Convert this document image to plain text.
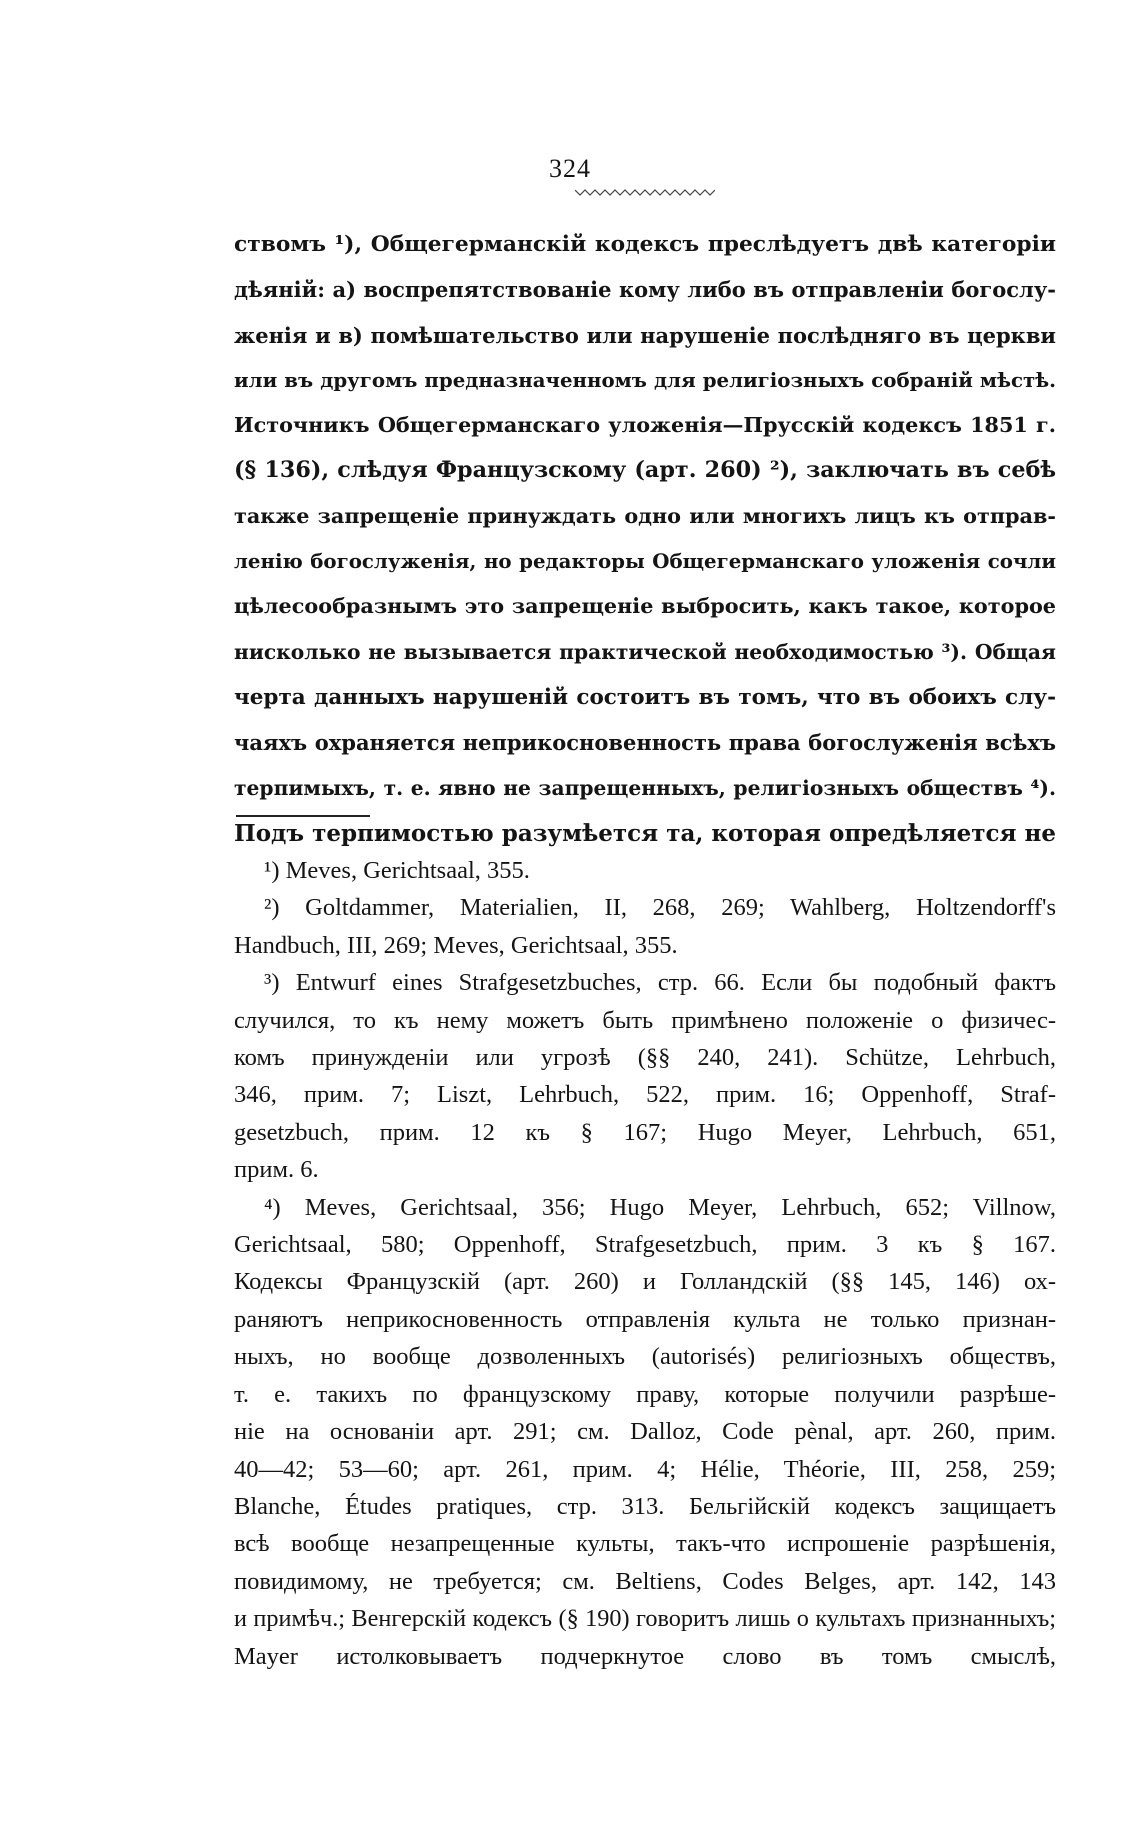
324
ствомъ ¹), Общегерманскій кодексъ преслѣдуетъ двѣ категоріи
дѣяній: а) воспрепятствованіе кому либо въ отправленіи богослу-
женія и в) помѣшательство или нарушеніе послѣдняго въ церкви
или въ другомъ предназначенномъ для религіозныхъ собраній мѣстѣ.
Источникъ Общегерманскаго уложенія—Прусскій кодексъ 1851 г.
(§ 136), слѣдуя Французскому (арт. 260) ²), заключать въ себѣ
также запрещеніе принуждать одно или многихъ лицъ къ отправ-
ленію богослуженія, но редакторы Общегерманскаго уложенія сочли
цѣлесообразнымъ это запрещеніе выбросить, какъ такое, которое
нисколько не вызывается практической необходимостью ³). Общая
черта данныхъ нарушеній состоитъ въ томъ, что въ обоихъ слу-
чаяхъ охраняется неприкосновенность права богослуженія всѣхъ
терпимыхъ, т. е. явно не запрещенныхъ, религіозныхъ обществъ ⁴).
Подъ терпимостью разумѣется та, которая опредѣляется не
¹) Meves, Gerichtsaal, 355.
²) Goltdammer, Materialien, II, 268, 269; Wahlberg, Holtzendorff's
Handbuch, III, 269; Meves, Gerichtsaal, 355.
³) Entwurf eines Strafgesetzbuches, стр. 66. Если бы подобный фактъ
случился, то къ нему можетъ быть примѣнено положеніе о физичес-
комъ принужденіи или угрозѣ (§§ 240, 241). Schütze, Lehrbuch,
346, прим. 7; Liszt, Lehrbuch, 522, прим. 16; Oppenhoff, Straf-
gesetzbuch, прим. 12 къ § 167; Hugo Meyer, Lehrbuch, 651,
прим. 6.
⁴) Meves, Gerichtsaal, 356; Hugo Meyer, Lehrbuch, 652; Villnow,
Gerichtsaal, 580; Oppenhoff, Strafgesetzbuch, прим. 3 къ § 167.
Кодексы Французскій (арт. 260) и Голландскій (§§ 145, 146) ох-
раняютъ неприкосновенность отправленія культа не только признан-
ныхъ, но вообще дозволенныхъ (autorisés) религіозныхъ обществъ,
т. е. такихъ по французскому праву, которые получили разрѣше-
ніе на основаніи арт. 291; см. Dalloz, Code pènal, арт. 260, прим.
40—42; 53—60; арт. 261, прим. 4; Hélie, Théorie, III, 258, 259;
Blanche, Études pratiques, стр. 313. Бельгійскій кодексъ защищаетъ
всѣ вообще незапрещенные культы, такъ-что испрошеніе разрѣшенія,
повидимому, не требуется; см. Beltiens, Codes Belges, арт. 142, 143
и примѣч.; Венгерскій кодексъ (§ 190) говоритъ лишь о культахъ признанныхъ;
Mayer истолковываетъ подчеркнутое слово въ томъ смыслѣ,
